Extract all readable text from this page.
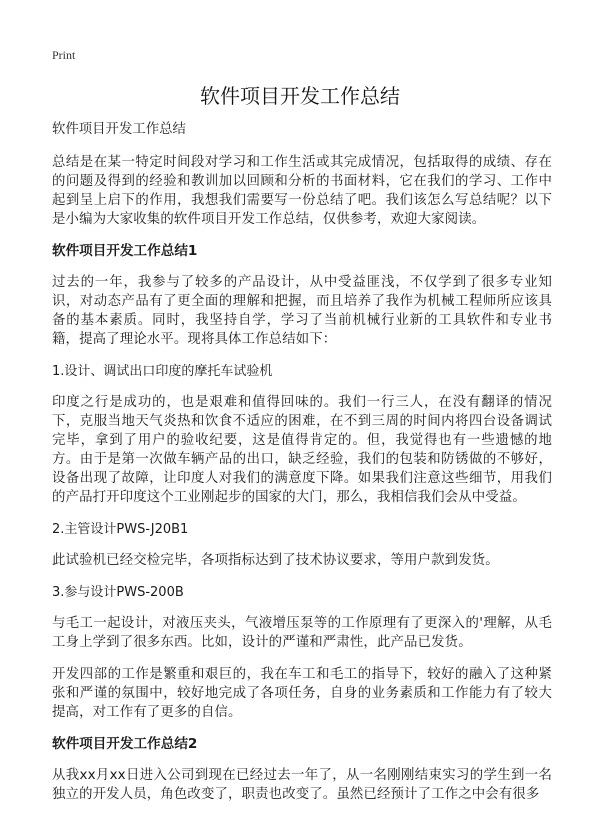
Print
软件项目开发工作总结
软件项目开发工作总结

总结是在某一特定时间段对学习和工作生活或其完成情况，包括取得的成绩、存在的问题及得到的经验和教训加以回顾和分析的书面材料，它在我们的学习、工作中起到呈上启下的作用，我想我们需要写一份总结了吧。我们该怎么写总结呢？以下是小编为大家收集的软件项目开发工作总结，仅供参考，欢迎大家阅读。

软件项目开发工作总结1

过去的一年，我参与了较多的产品设计，从中受益匪浅，不仅学到了很多专业知识，对动态产品有了更全面的理解和把握，而且培养了我作为机械工程师所应该具备的基本素质。同时，我坚持自学，学习了当前机械行业新的工具软件和专业书籍，提高了理论水平。现将具体工作总结如下：

1.设计、调试出口印度的摩托车试验机

印度之行是成功的，也是艰难和值得回味的。我们一行三人，在没有翻译的情况下，克服当地天气炎热和饮食不适应的困难，在不到三周的时间内将四台设备调试完毕，拿到了用户的验收纪要，这是值得肯定的。但，我觉得也有一些遗憾的地方。由于是第一次做车辆产品的出口，缺乏经验，我们的包装和防锈做的不够好，设备出现了故障，让印度人对我们的满意度下降。如果我们注意这些细节，用我们的产品打开印度这个工业刚起步的国家的大门，那么，我相信我们会从中受益。

2.主管设计PWS-J20B1

此试验机已经交检完毕，各项指标达到了技术协议要求，等用户款到发货。

3.参与设计PWS-200B

与毛工一起设计，对液压夹头，气液增压泵等的工作原理有了更深入的'理解，从毛工身上学到了很多东西。比如，设计的严谨和严肃性，此产品已发货。

开发四部的工作是繁重和艰巨的，我在车工和毛工的指导下，较好的融入了这种紧张和严谨的氛围中，较好地完成了各项任务，自身的业务素质和工作能力有了较大提高，对工作有了更多的自信。

软件项目开发工作总结2

从我xx月xx日进入公司到现在已经过去一年了，从一名刚刚结束实习的学生到一名独立的开发人员，角色改变了，职责也改变了。虽然已经预计了工作之中会有很多
